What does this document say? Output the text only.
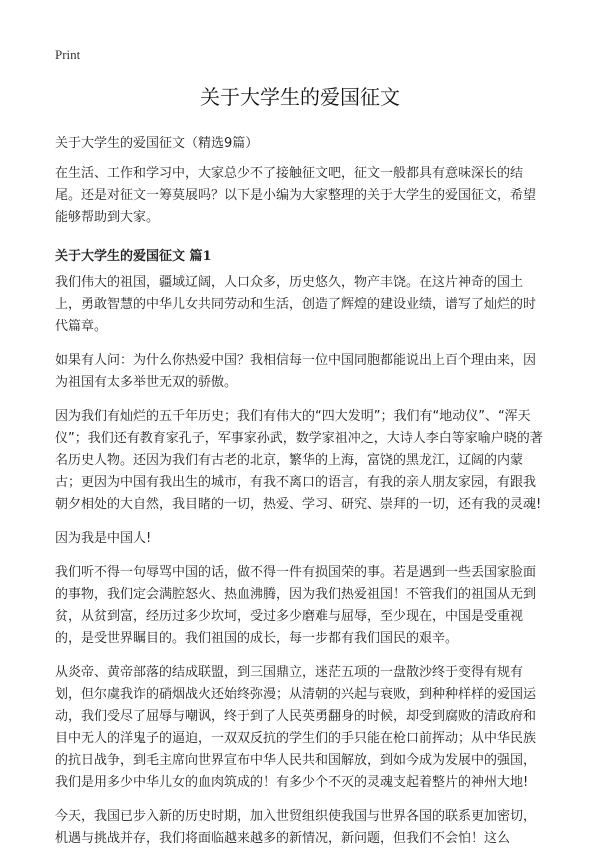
Print
关于大学生的爱国征文
关于大学生的爱国征文（精选9篇）

在生活、工作和学习中，大家总少不了接触征文吧，征文一般都具有意味深长的结尾。还是对征文一筹莫展吗？以下是小编为大家整理的关于大学生的爱国征文，希望能够帮助到大家。

关于大学生的爱国征文 篇1

我们伟大的祖国，疆域辽阔，人口众多，历史悠久，物产丰饶。在这片神奇的国土上，勇敢智慧的中华儿女共同劳动和生活，创造了辉煌的建设业绩，谱写了灿烂的时代篇章。

如果有人问：为什么你热爱中国？我相信每一位中国同胞都能说出上百个理由来，因为祖国有太多举世无双的骄傲。

因为我们有灿烂的五千年历史；我们有伟大的“四大发明”；我们有“地动仪”、“浑天仪”；我们还有教育家孔子，军事家孙武，数学家祖冲之，大诗人李白等家喻户晓的著名历史人物。还因为我们有古老的北京，繁华的上海，富饶的黑龙江，辽阔的内蒙古；更因为中国有我出生的城市，有我不离口的语言，有我的亲人朋友家园，有跟我朝夕相处的大自然，我目睹的一切，热爱、学习、研究、崇拜的一切，还有我的灵魂!

因为我是中国人!

我们听不得一句辱骂中国的话，做不得一件有损国荣的事。若是遇到一些丢国家脸面的事物，我们定会满腔怒火、热血沸腾，因为我们热爱祖国！不管我们的祖国从无到贫，从贫到富，经历过多少坎坷，受过多少磨难与屈辱，至少现在，中国是受重视的，是受世界瞩目的。我们祖国的成长，每一步都有我们国民的艰辛。

从炎帝、黄帝部落的结成联盟，到三国鼎立，迷茫五项的一盘散沙终于变得有规有划，但尔虞我诈的硝烟战火还始终弥漫；从清朝的兴起与衰败，到种种样样的爱国运动，我们受尽了屈辱与嘲讽，终于到了人民英勇翻身的时候，却受到腐败的清政府和目中无人的洋鬼子的逼迫，一双双反抗的学生们的手只能在枪口前挥动；从中华民族的抗日战争，到毛主席向世界宣布中华人民共和国解放，到如今成为发展中的强国，我们是用多少中华儿女的血肉筑成的！有多少个不灭的灵魂支起着整片的神州大地!

今天，我国已步入新的历史时期，加入世贸组织使我国与世界各国的联系更加密切，机遇与挑战并存，我们将面临越来越多的新情况，新问题，但我们不会怕！这么
